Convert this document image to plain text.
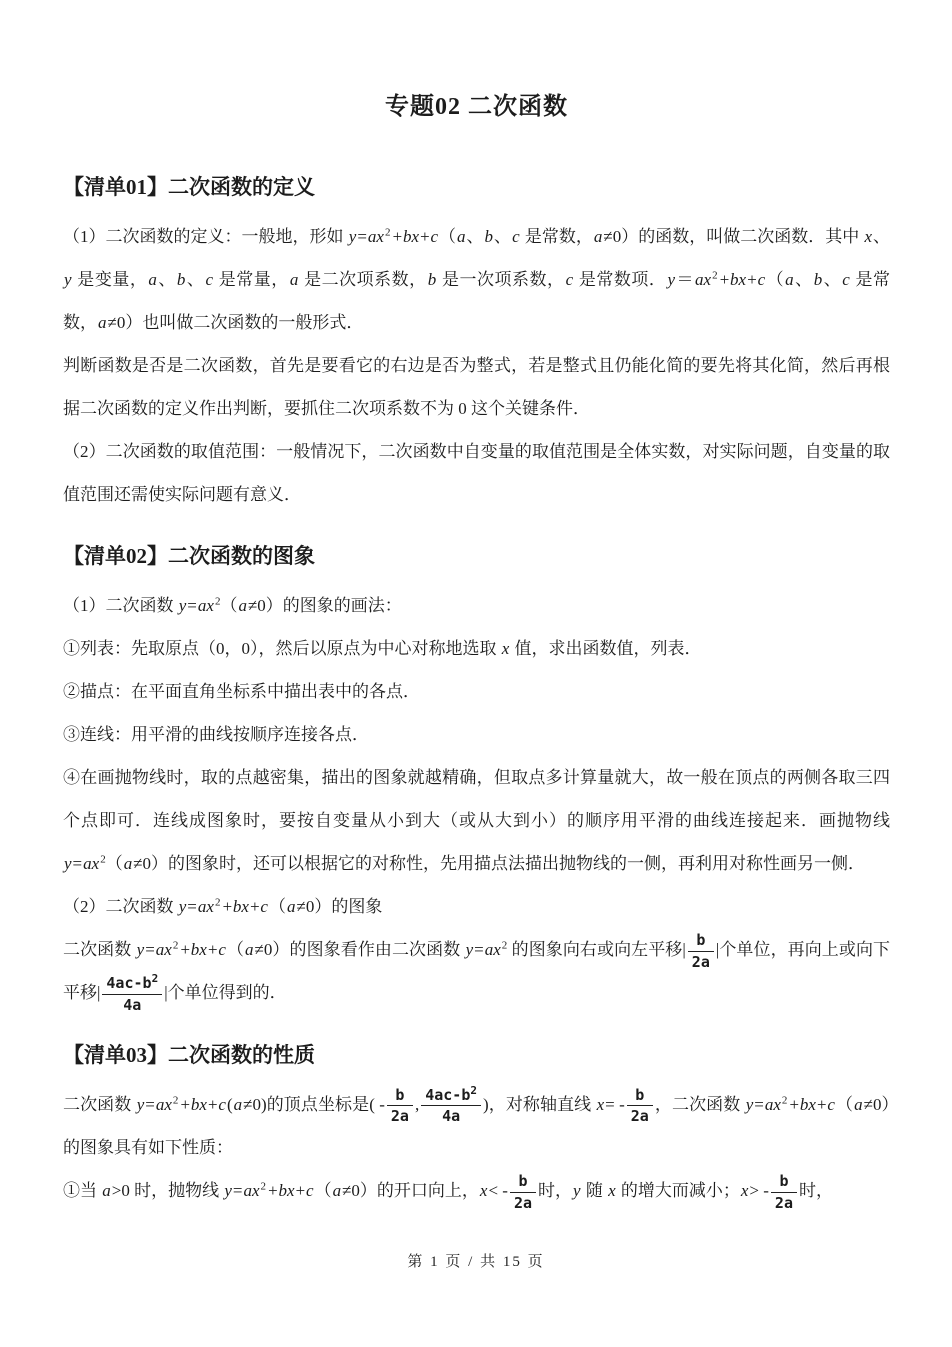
专题02 二次函数
【清单01】二次函数的定义

（1）二次函数的定义：一般地，形如 $y=ax^2+bx+c(a$、b、c 是常数，a≠0）的函数，叫做二次函数．其中 x、y 是变量，a、b、c 是常量，a 是二次项系数，b 是一次项系数，c 是常数项．$y=ax^2+bx+c(a$、b、c 是常数，a≠0）也叫做二次函数的一般形式．

判断函数是否是二次函数，首先是要看它的右边是否为整式，若是整式且仍能化简的要先将其化简，然后再根据二次函数的定义作出判断，要抓住二次项系数不为 0 这个关键条件．

（2）二次函数的取值范围：一般情况下，二次函数中自变量的取值范围是全体实数，对实际问题，自变量的取值范围还需使实际问题有意义．

【清单02】二次函数的图象

（1）二次函数 $y=ax^2(a\ne 0)$的图象的画法：

①列表：先取原点（0，0），然后以原点为中心对称地选取 x 值，求出函数值，列表．

②描点：在平面直角坐标系中描出表中的各点．

③连线：用平滑的曲线按顺序连接各点．

④在画抛物线时，取的点越密集，描出的图象就越精确，但取点多计算量就大，故一般在顶点的两侧各取三四个点即可．连线成图象时，要按自变量从小到大（或从大到小）的顺序用平滑的曲线连接起来．画抛物线 $y=ax^2(a\ne 0)$的图象时，还可以根据它的对称性，先用描点法描出抛物线的一侧，再利用对称性画另一侧．

（2）二次函数 $y=ax^2+bx+c(a\ne 0)$的图象

二次函数 $y=ax^2+bx+c(a\ne 0)$的图象看作由二次函数 $y=ax^2$ 的图象向右或向左平移| $\frac{b}{2a}$ |个单位，再向上或向下平移| $\frac{4ac-b^2}{4a}$ |个单位得到的．

【清单03】二次函数的性质

二次函数 $y=ax^2+bx+c(a\ne 0)$的顶点坐标是( - $\frac{b}{2a}$ , $\frac{4ac-b^2}{4a}$ )，对称轴直线 $x= - \frac{b}{2a}$ ，二次函数 $y=ax^2+bx+c(a\ne 0)$的图象具有如下性质：

①当 a>0 时，抛物线 $y=ax^2+bx+c(a\ne 0)$的开口向上，$x< - \frac{b}{2a}$ 时，y 随 x 的增大而减小；$x> - \frac{b}{2a}$ 时，

第 1 页 / 共 15 页
